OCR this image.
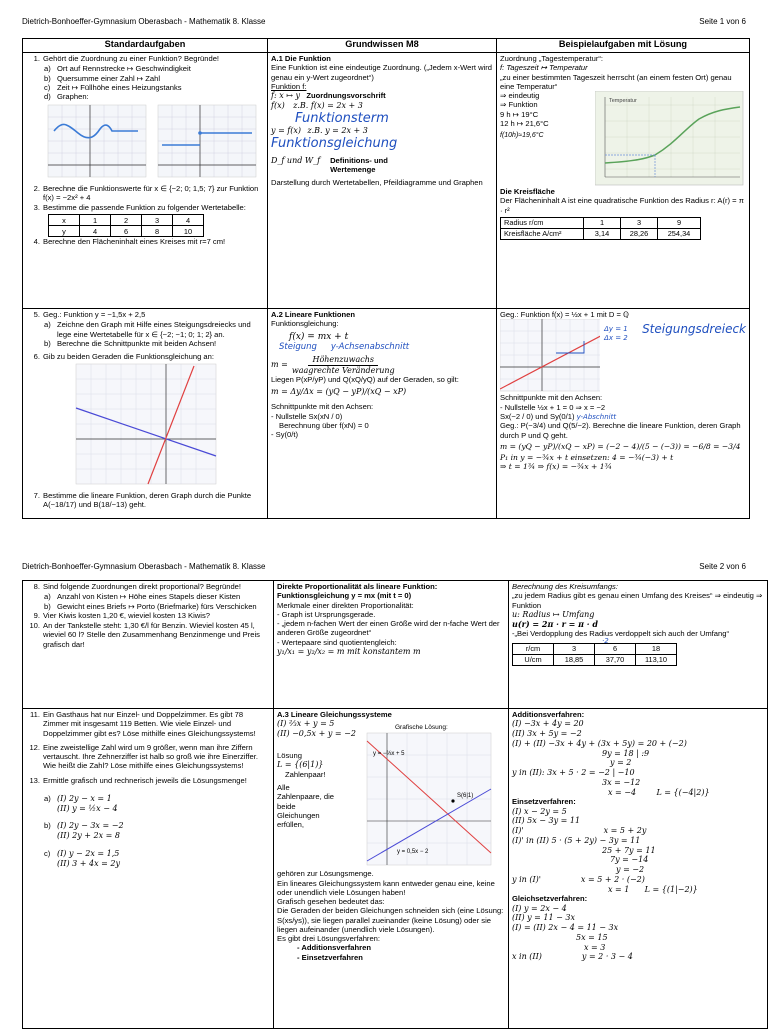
Dietrich-Bonhoeffer-Gymnasium Oberasbach - Mathematik 8. Klasse	Seite 1 von 6
Standardaufgaben	Grundwissen M8	Beispielaufgaben mit Lösung

1. Gehört die Zuordnung zu einer Funktion? Begründe!
a) Ort auf Rennstrecke ↦ Geschwindigkeit
b) Quersumme einer Zahl ↦ Zahl
c) Zeit ↦ Füllhöhe eines Heizungstanks
d) Graphen:
2. Berechne die Funktionswerte für x ∈ {−2; 0; 1,5; 7} zur Funktion f(x) = −2x² + 4
3. Bestimme die passende Funktion zu folgender Wertetabelle:
x	1	2	3	4
y	4	6	8	10
4. Berechne den Flächeninhalt eines Kreises mit r=7 cm!

A.1 Die Funktion
Eine Funktion ist eine eindeutige Zuordnung. („Jedem x-Wert wird genau ein y-Wert zugeordnet“)
Funktion f:
f: x ↦ y Zuordnungsvorschrift
f(x) z.B. f(x) = 2x + 3
Funktionsterm
y = f(x) z.B. y = 2x + 3
Funktionsgleichung
D_f und W_f Definitions- und Wertemenge
Darstellung durch Wertetabellen, Pfeildiagramme und Graphen

Zuordnung „Tagestemperatur“:
f: Tageszeit ↦ Temperatur
„zu einer bestimmten Tageszeit herrscht (an einem festen Ort) genau eine Temperatur“
⇒ eindeutig
⇒ Funktion
9 h ↦ 19°C
12 h ↦ 21,6°C
f(10h)≈19,6°C
Temperatur
Die Kreisfläche
Der Flächeninhalt A ist eine quadratische Funktion des Radius r: A(r) = π · r²
Radius r/cm	1	3	9
Kreisfläche A/cm²	3,14	28,26	254,34

5. Geg.: Funktion y = −1,5x + 2,5
a) Zeichne den Graph mit Hilfe eines Steigungsdreiecks und lege eine Wertetabelle für x ∈ {−2; −1; 0; 1; 2} an.
b) Berechne die Schnittpunkte mit beiden Achsen!
6. Gib zu beiden Geraden die Funktionsgleichung an:
7. Bestimme die lineare Funktion, deren Graph durch die Punkte A(−18/17) und B(18/−13) geht.

A.2 Lineare Funktionen
Funktionsgleichung:
f(x) = mx + t
Steigung y-Achsenabschnitt
m =
Höhenzuwachs
waagrechte Veränderung
Liegen P(xP/yP) und Q(xQ/yQ) auf der Geraden, so gilt:
m = Δy/Δx = (yQ − yP)/(xQ − xP)
Schnittpunkte mit den Achsen:
- Nullstelle Sx(xN / 0)
Berechnung über f(xN) = 0
- Sy(0/t)

Geg.: Funktion f(x) = ½x + 1 mit D = ℚ
Δy = 1
Δx = 2
Steigungsdreieck
Schnittpunkte mit den Achsen:
- Nullstelle ½x + 1 = 0 ⇒ x = −2
Sx(−2 / 0) und Sy(0/1) y-Abschnitt
Geg.: P(−3/4) und Q(5/−2). Berechne die lineare Funktion, deren Graph durch P und Q geht.
m = (yQ − yP)/(xQ − xP) = (−2 − 4)/(5 − (−3)) = −6/8 = −3/4
P₁ in y = −¾x + t einsetzen: 4 = −¾(−3) + t
⇒ t = 1¾ ⇒ f(x) = −¾x + 1¾
Dietrich-Bonhoeffer-Gymnasium Oberasbach - Mathematik 8. Klasse	Seite 2 von 6
8. Sind folgende Zuordnungen direkt proportional? Begründe!
a) Anzahl von Kisten ↦ Höhe eines Stapels dieser Kisten
b) Gewicht eines Briefs ↦ Porto (Briefmarke) fürs Verschicken
9. Vier Kiwis kosten 1,20 €, wieviel kosten 13 Kiwis?
10. An der Tankstelle steht: 1,30 €/l für Benzin. Wieviel kosten 45 l, wieviel 60 l? Stelle den Zusammenhang Benzinmenge und Preis grafisch dar!

Direkte Proportionalität als lineare Funktion:
Funktionsgleichung y = mx (mit t = 0)
Merkmale einer direkten Proportionalität:
- Graph ist Ursprungsgerade.
- „jedem n-fachen Wert der einen Größe wird der n-fache Wert der anderen Größe zugeordnet“
- Wertepaare sind quotientengleich:
y₁/x₁ = y₂/x₂ = m mit konstantem m

Berechnung des Kreisumfangs:
„zu jedem Radius gibt es genau einen Umfang des Kreises“ ⇒ eindeutig ⇒ Funktion
u: Radius ↦ Umfang
u(r) = 2π · r = π · d
-„Bei Verdopplung des Radius verdoppelt sich auch der Umfang“
·2
r/cm	3	6	18
U/cm	18,85	37,70	113,10

11. Ein Gasthaus hat nur Einzel- und Doppelzimmer. Es gibt 78 Zimmer mit insgesamt 119 Betten. Wie viele Einzel- und Doppelzimmer gibt es? Löse mithilfe eines Gleichungssystems!
12. Eine zweistellige Zahl wird um 9 größer, wenn man ihre Ziffern vertauscht. Ihre Zehnerziffer ist halb so groß wie ihre Einerziffer. Wie heißt die Zahl? Löse mithilfe eines Gleichungssystems!
13. Ermittle grafisch und rechnerisch jeweils die Lösungsmenge!
a) (I) 2y − x = 1
(II) y = ½x − 4
b) (I) 2y − 3x = −2
(II) 2y + 2x = 8
c) (I) y − 2x = 1,5
(II) 3 + 4x = 2y

A.3 Lineare Gleichungssysteme
(I) ⅔x + y = 5
(II) −0,5x + y = −2
Lösung
L = {(6|1)}
Zahlenpaar!
Alle Zahlenpaare, die beide Gleichungen erfüllen,
Grafische Lösung:
y = −⅔x + 5
y = 0,5x − 2
S(6|1)
gehören zur Lösungsmenge.
Ein lineares Gleichungssystem kann entweder genau eine, keine oder unendlich viele Lösungen haben!
Grafisch gesehen bedeutet das:
Die Geraden der beiden Gleichungen schneiden sich (eine Lösung: S(xs/ys)), sie liegen parallel zueinander (keine Lösung) oder sie liegen aufeinander (unendlich viele Lösungen).
Es gibt drei Lösungsverfahren:
- Additionsverfahren
- Einsetzverfahren

Additionsverfahren:
(I) −3x + 4y = 20
(II) 3x + 5y = −2
(I) + (II) −3x + 4y + (3x + 5y) = 20 + (−2)
9y = 18 | :9
y = 2
y in (II): 3x + 5 · 2 = −2 | −10
3x = −12
x = −4	L = {(−4|2)}
Einsetzverfahren:
(I) x − 2y = 5
(II) 5x − 3y = 11
(I)'	x = 5 + 2y
(I)' in (II) 5 · (5 + 2y) − 3y = 11
25 + 7y = 11
7y = −14
y = −2
y in (I)'	x = 5 + 2 · (−2)
x = 1 L = {(1|−2)}
Gleichsetzverfahren:
(I) y = 2x − 4
(II) y = 11 − 3x
(I) = (II) 2x − 4 = 11 − 3x
5x = 15
x = 3
x in (II)	y = 2 · 3 − 4
